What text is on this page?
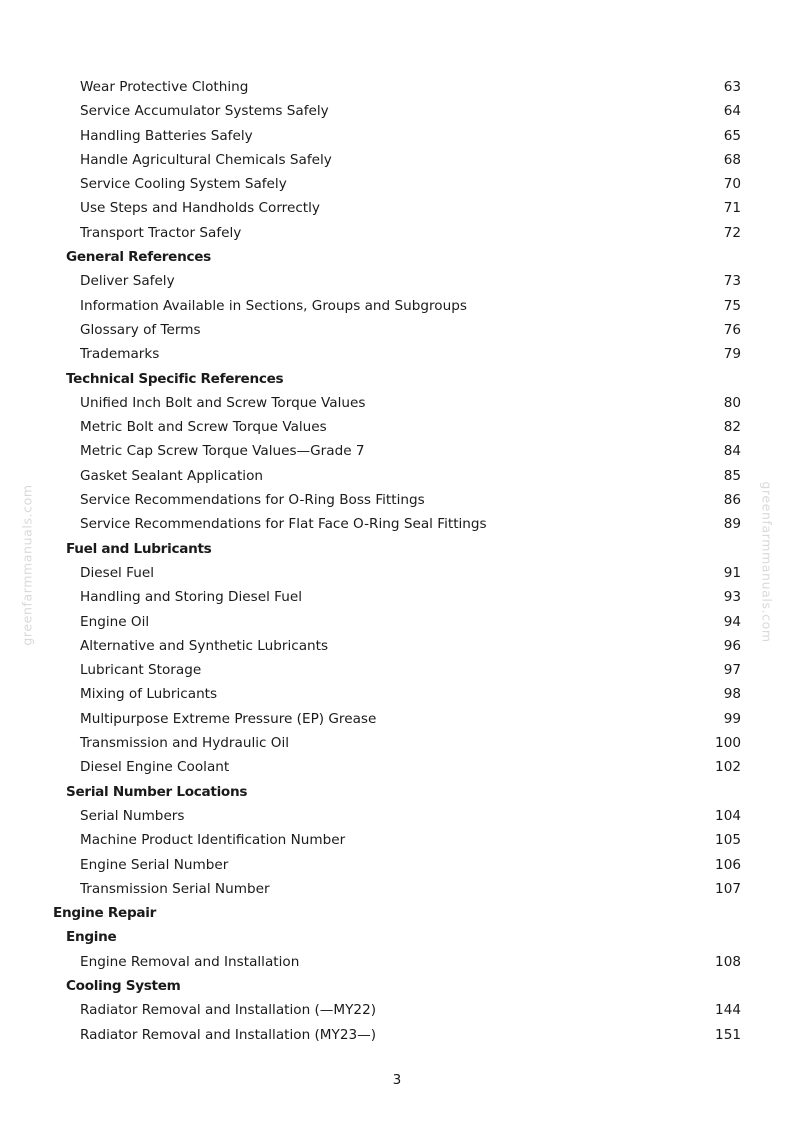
greenfarmmanuals.com	greenfarmmanuals.com
Wear Protective Clothing	63
Service Accumulator Systems Safely	64
Handling Batteries Safely	65
Handle Agricultural Chemicals Safely	68
Service Cooling System Safely	70
Use Steps and Handholds Correctly	71
Transport Tractor Safely	72
General References
Deliver Safely	73
Information Available in Sections, Groups and Subgroups	75
Glossary of Terms	76
Trademarks	79
Technical Specific References
Unified Inch Bolt and Screw Torque Values	80
Metric Bolt and Screw Torque Values	82
Metric Cap Screw Torque Values—Grade 7	84
Gasket Sealant Application	85
Service Recommendations for O-Ring Boss Fittings	86
Service Recommendations for Flat Face O-Ring Seal Fittings	89
Fuel and Lubricants
Diesel Fuel	91
Handling and Storing Diesel Fuel	93
Engine Oil	94
Alternative and Synthetic Lubricants	96
Lubricant Storage	97
Mixing of Lubricants	98
Multipurpose Extreme Pressure (EP) Grease	99
Transmission and Hydraulic Oil	100
Diesel Engine Coolant	102
Serial Number Locations
Serial Numbers	104
Machine Product Identification Number	105
Engine Serial Number	106
Transmission Serial Number	107
Engine Repair
Engine
Engine Removal and Installation	108
Cooling System
Radiator Removal and Installation (—MY22)	144
Radiator Removal and Installation (MY23—)	151
3
